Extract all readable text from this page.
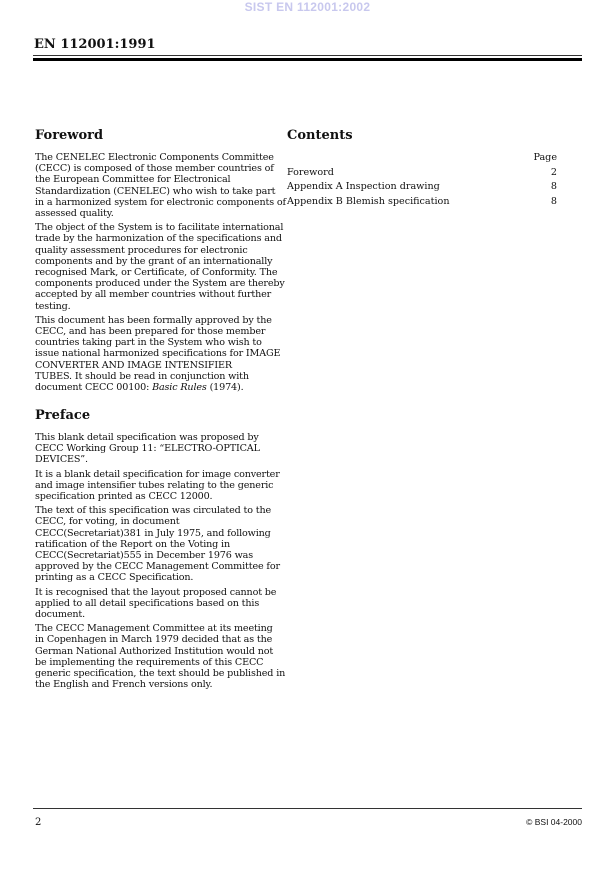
SIST EN 112001:2002
EN 112001:1991
Foreword
The CENELEC Electronic Components Committee
(CECC) is composed of those member countries of
the European Committee for Electronical
Standardization (CENELEC) who wish to take part
in a harmonized system for electronic components of
assessed quality.
The object of the System is to facilitate international
trade by the harmonization of the specifications and
quality assessment procedures for electronic
components and by the grant of an internationally
recognised Mark, or Certificate, of Conformity. The
components produced under the System are thereby
accepted by all member countries without further
testing.
This document has been formally approved by the
CECC, and has been prepared for those member
countries taking part in the System who wish to
issue national harmonized specifications for IMAGE
CONVERTER AND IMAGE INTENSIFIER
TUBES. It should be read in conjunction with
document CECC 00100: Basic Rules (1974).
Preface
This blank detail specification was proposed by
CECC Working Group 11: “ELECTRO-OPTICAL
DEVICES”.
It is a blank detail specification for image converter
and image intensifier tubes relating to the generic
specification printed as CECC 12000.
The text of this specification was circulated to the
CECC, for voting, in document
CECC(Secretariat)381 in July 1975, and following
ratification of the Report on the Voting in
CECC(Secretariat)555 in December 1976 was
approved by the CECC Management Committee for
printing as a CECC Specification.
It is recognised that the layout proposed cannot be
applied to all detail specifications based on this
document.
The CECC Management Committee at its meeting
in Copenhagen in March 1979 decided that as the
German National Authorized Institution would not
be implementing the requirements of this CECC
generic specification, the text should be published in
the English and French versions only.
Contents
Page
Foreword	2
Appendix A Inspection drawing	8
Appendix B Blemish specification	8
2	© BSI 04-2000
